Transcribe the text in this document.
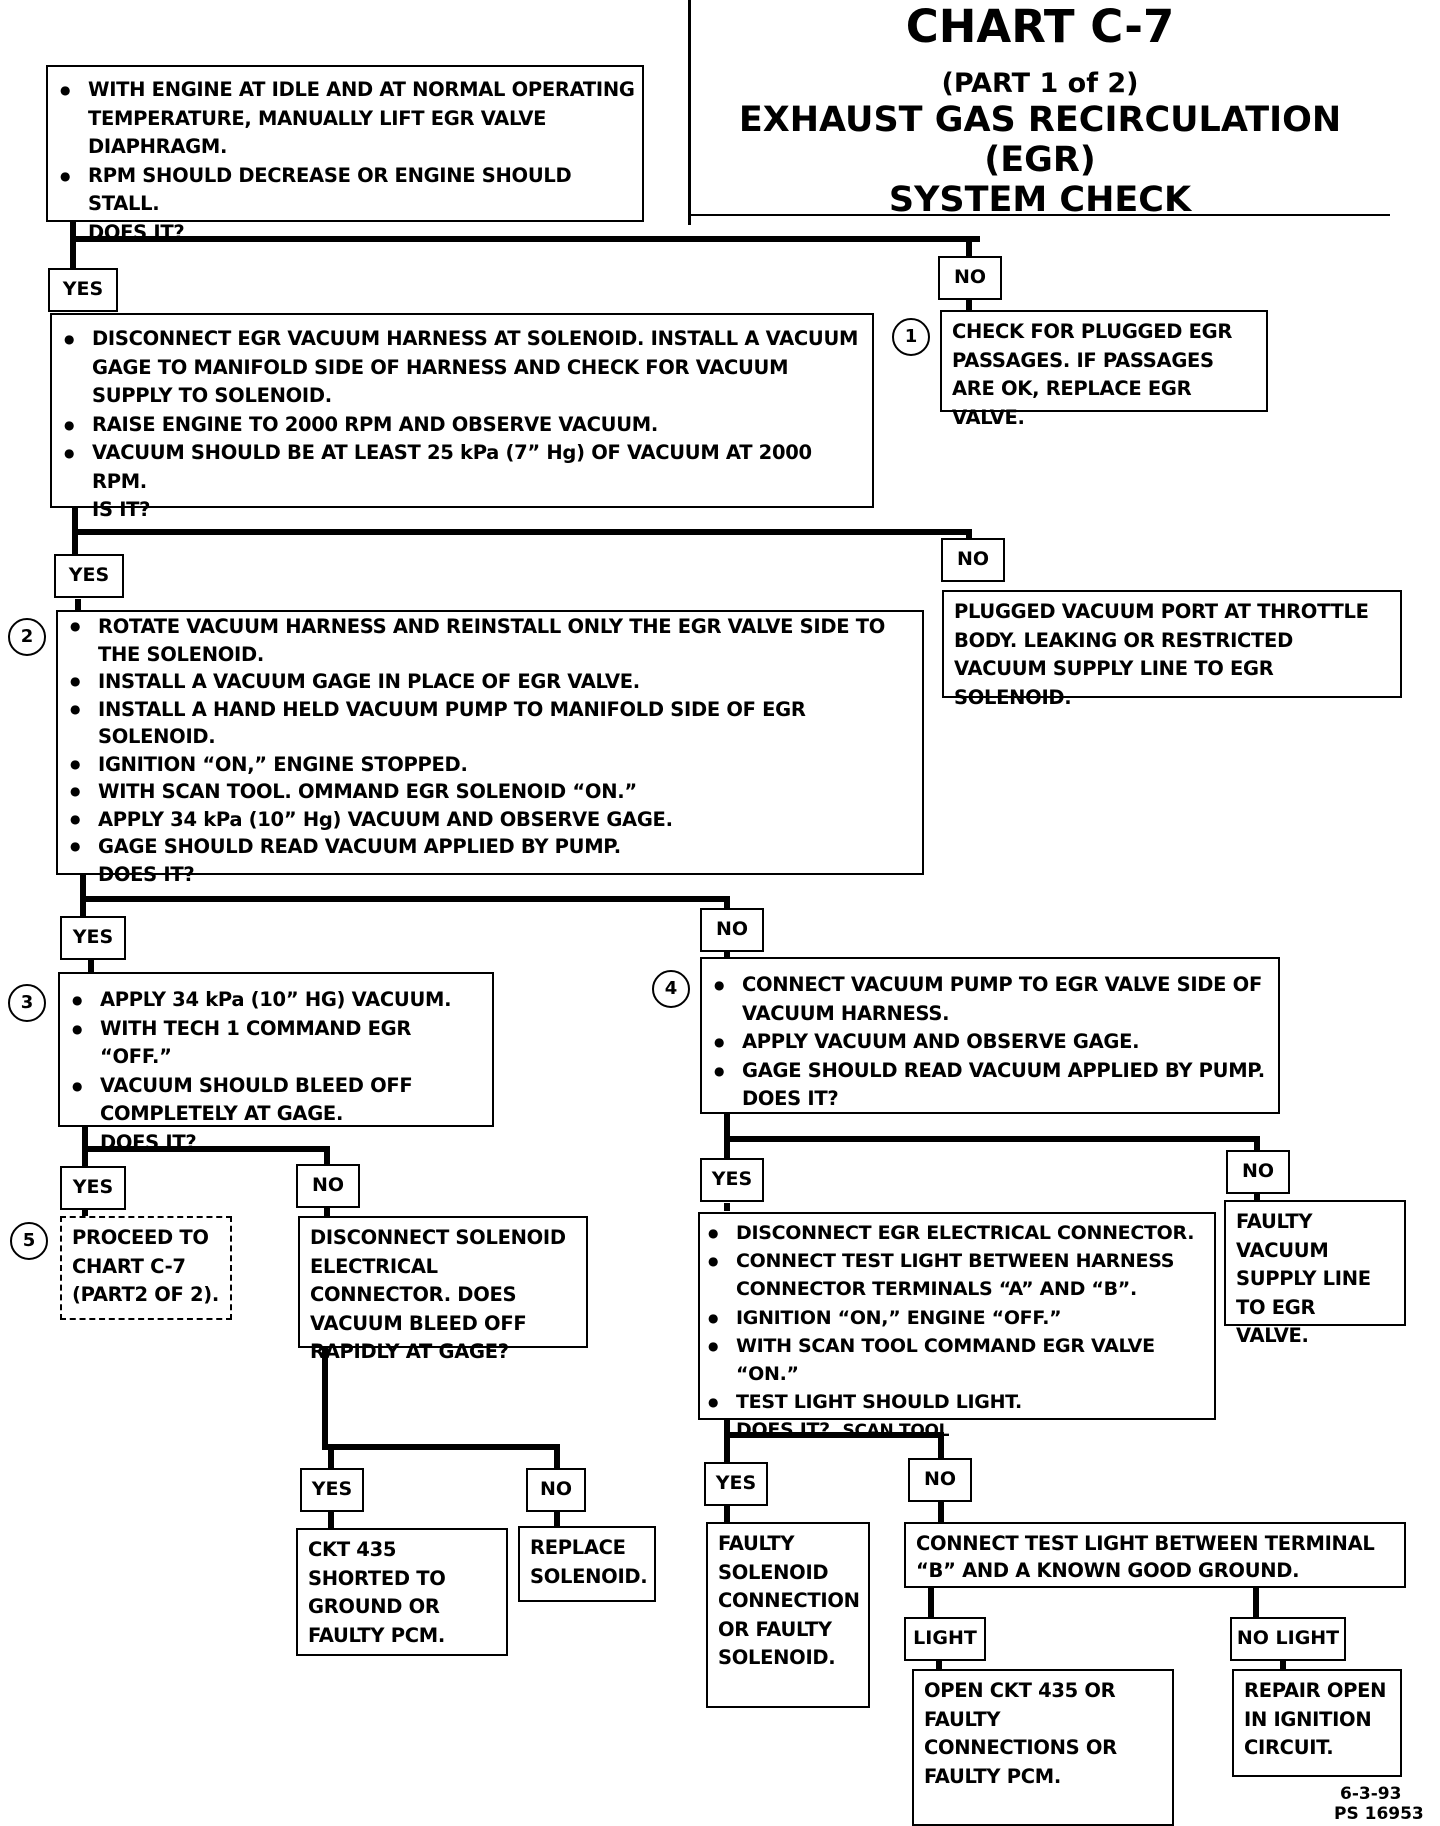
CHART C-7
(PART 1 of 2)
EXHAUST GAS RECIRCULATION (EGR)
SYSTEM CHECK
● WITH ENGINE AT IDLE AND AT NORMAL OPERATING TEMPERATURE, MANUALLY LIFT EGR VALVE DIAPHRAGM.
● RPM SHOULD DECREASE OR ENGINE SHOULD STALL.
DOES IT?
YES
NO
1	CHECK FOR PLUGGED EGR PASSAGES. IF PASSAGES ARE OK, REPLACE EGR VALVE.
● DISCONNECT EGR VACUUM HARNESS AT SOLENOID. INSTALL A VACUUM GAGE TO MANIFOLD SIDE OF HARNESS AND CHECK FOR VACUUM SUPPLY TO SOLENOID.
● RAISE ENGINE TO 2000 RPM AND OBSERVE VACUUM.
● VACUUM SHOULD BE AT LEAST 25 kPa (7” Hg) OF VACUUM AT 2000 RPM.
IS IT?
YES
NO
PLUGGED VACUUM PORT AT THROTTLE BODY. LEAKING OR RESTRICTED VACUUM SUPPLY LINE TO EGR SOLENOID.
2	● ROTATE VACUUM HARNESS AND REINSTALL ONLY THE EGR VALVE SIDE TO THE SOLENOID.
● INSTALL A VACUUM GAGE IN PLACE OF EGR VALVE.
● INSTALL A HAND HELD VACUUM PUMP TO MANIFOLD SIDE OF EGR SOLENOID.
● IGNITION “ON,” ENGINE STOPPED.
● WITH SCAN TOOL. OMMAND EGR SOLENOID “ON.”
● APPLY 34 kPa (10” Hg) VACUUM AND OBSERVE GAGE.
● GAGE SHOULD READ VACUUM APPLIED BY PUMP.
DOES IT?
YES	NO
3	● APPLY 34 kPa (10” HG) VACUUM.
● WITH TECH 1 COMMAND EGR “OFF.”
● VACUUM SHOULD BLEED OFF COMPLETELY AT GAGE.
DOES IT?
4	● CONNECT VACUUM PUMP TO EGR VALVE SIDE OF VACUUM HARNESS.
● APPLY VACUUM AND OBSERVE GAGE.
● GAGE SHOULD READ VACUUM APPLIED BY PUMP.
DOES IT?
YES	NO	YES	NO
5	PROCEED TO CHART C-7 (PART2 OF 2).
DISCONNECT SOLENOID ELECTRICAL CONNECTOR. DOES VACUUM BLEED OFF RAPIDLY AT GAGE?
FAULTY VACUUM SUPPLY LINE TO EGR VALVE.
● DISCONNECT EGR ELECTRICAL CONNECTOR.
● CONNECT TEST LIGHT BETWEEN HARNESS CONNECTOR TERMINALS “A” AND “B”.
● IGNITION “ON,” ENGINE “OFF.”
● WITH SCAN TOOL COMMAND EGR VALVE “ON.”
● TEST LIGHT SHOULD LIGHT.
DOES IT? SCAN TOOL
YES	NO	YES	NO
CKT 435 SHORTED TO GROUND OR FAULTY PCM.
REPLACE SOLENOID.
FAULTY SOLENOID CONNECTION OR FAULTY SOLENOID.
CONNECT TEST LIGHT BETWEEN TERMINAL “B” AND A KNOWN GOOD GROUND.
LIGHT	NO LIGHT
OPEN CKT 435 OR FAULTY CONNECTIONS OR FAULTY PCM.
REPAIR OPEN IN IGNITION CIRCUIT.
6-3-93
PS 16953
